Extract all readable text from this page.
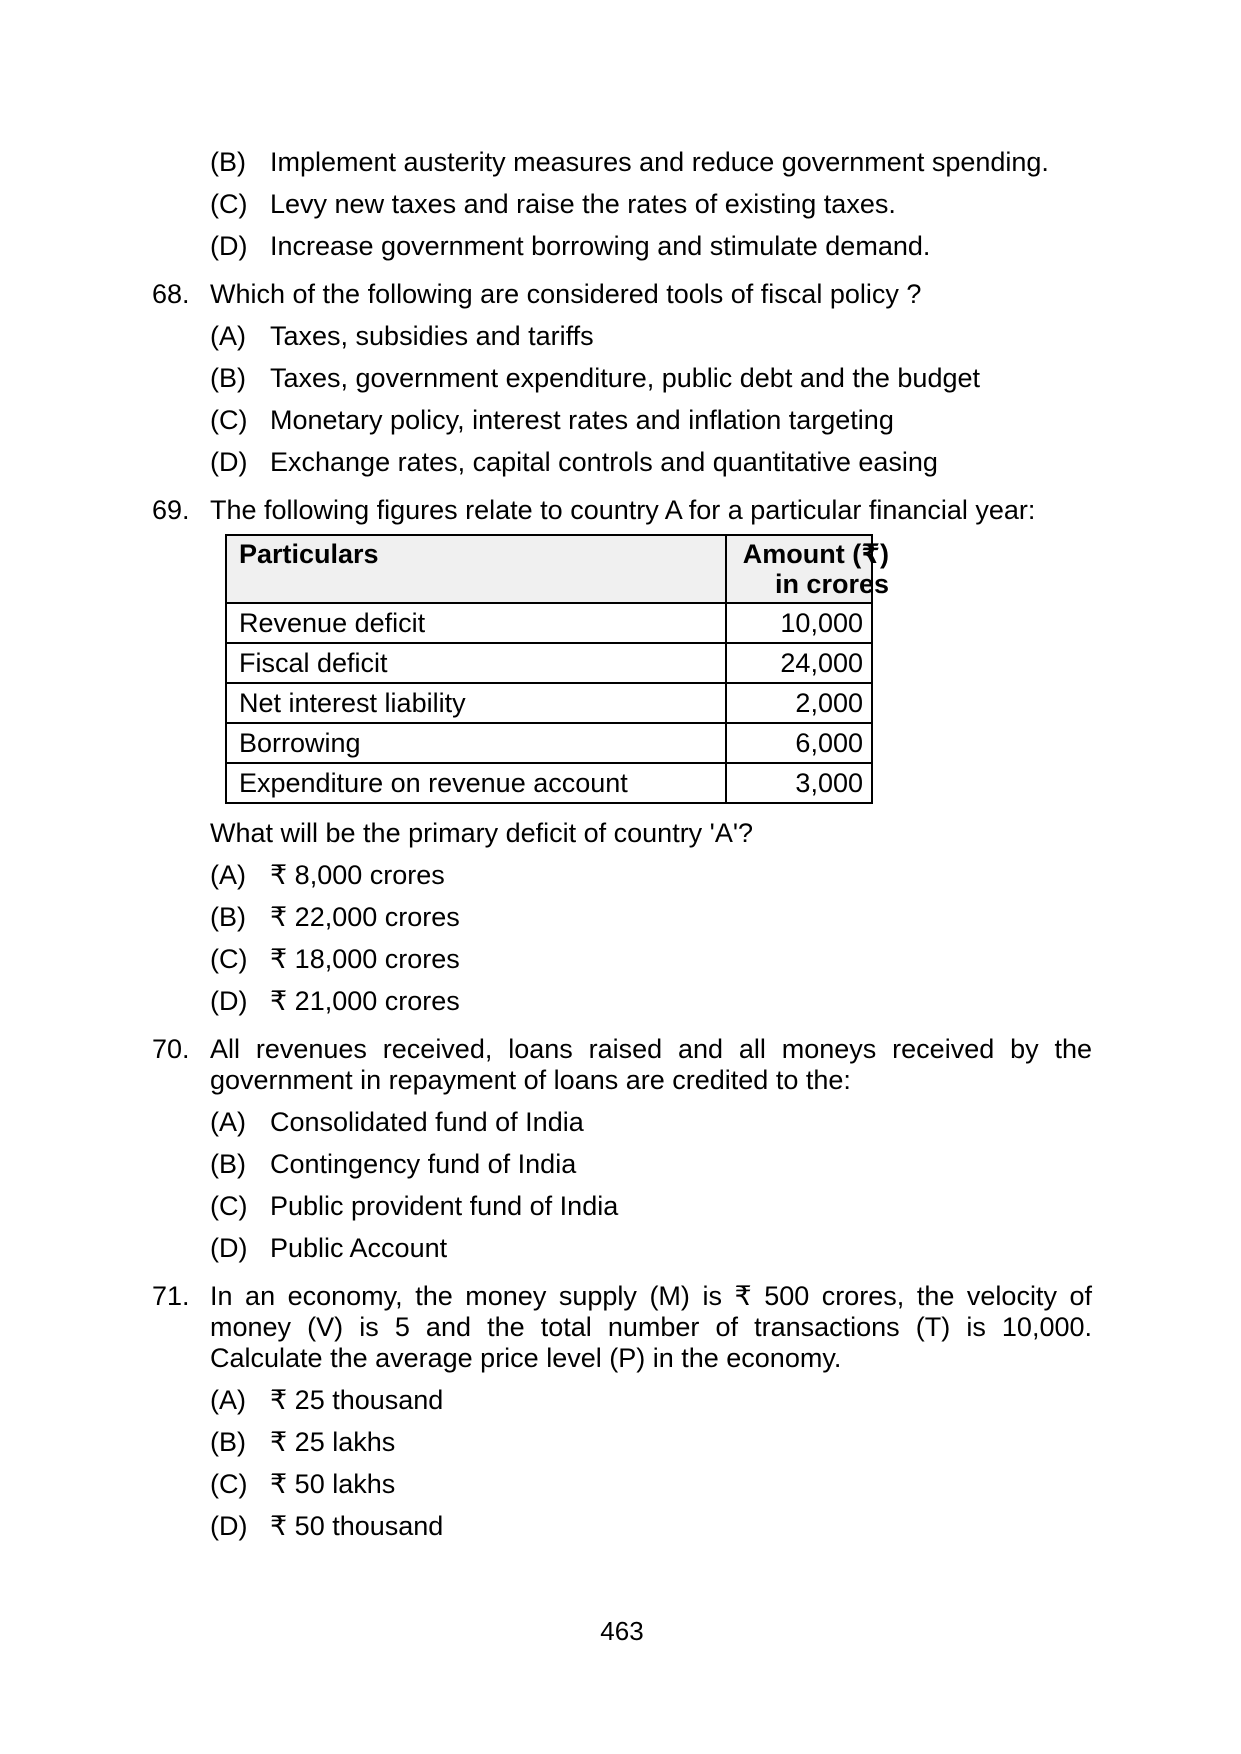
(B) Implement austerity measures and reduce government spending.
(C) Levy new taxes and raise the rates of existing taxes.
(D) Increase government borrowing and stimulate demand.
68. Which of the following are considered tools of fiscal policy ?
(A) Taxes, subsidies and tariffs
(B) Taxes, government expenditure, public debt and the budget
(C) Monetary policy, interest rates and inflation targeting
(D) Exchange rates, capital controls and quantitative easing
69. The following figures relate to country A for a particular financial year:
Particulars	Amount (₹) in crores

Revenue deficit	10,000
Fiscal deficit	24,000
Net interest liability	2,000
Borrowing	6,000
Expenditure on revenue account	3,000
What will be the primary deficit of country 'A'?
(A) ₹ 8,000 crores
(B) ₹ 22,000 crores
(C) ₹ 18,000 crores
(D) ₹ 21,000 crores
70. All revenues received, loans raised and all moneys received by the government in repayment of loans are credited to the:
(A) Consolidated fund of India
(B) Contingency fund of India
(C) Public provident fund of India
(D) Public Account
71. In an economy, the money supply (M) is ₹ 500 crores, the velocity of money (V) is 5 and the total number of transactions (T) is 10,000. Calculate the average price level (P) in the economy.
(A) ₹ 25 thousand
(B) ₹ 25 lakhs
(C) ₹ 50 lakhs
(D) ₹ 50 thousand
463
